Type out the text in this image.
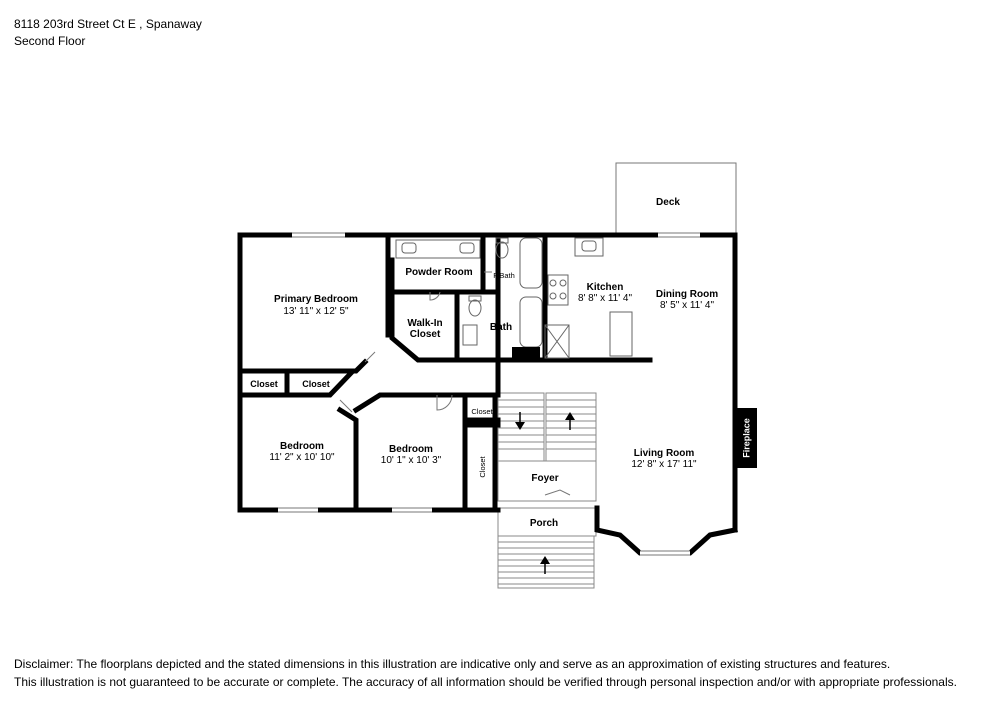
8118 203rd Street Ct E , Spanaway
Second Floor
Deck
Primary Bedroom
13' 11" x 12' 5"
Powder Room	P.Bath
Walk-In
Closet
Bath
Kitchen
8' 8" x 11' 4" Dining Room
8' 5" x 11' 4"
Closet	Closet
Closet
Closet
Bedroom
11' 2" x 10' 10"
Bedroom
10' 1" x 10' 3"
Foyer
Living Room
12' 8" x 17' 11"
Fireplace
Porch
Disclaimer: The floorplans depicted and the stated dimensions in this illustration are indicative only and serve as an approximation of existing structures and features.
This illustration is not guaranteed to be accurate or complete. The accuracy of all information should be verified through personal inspection and/or with appropriate professionals.
